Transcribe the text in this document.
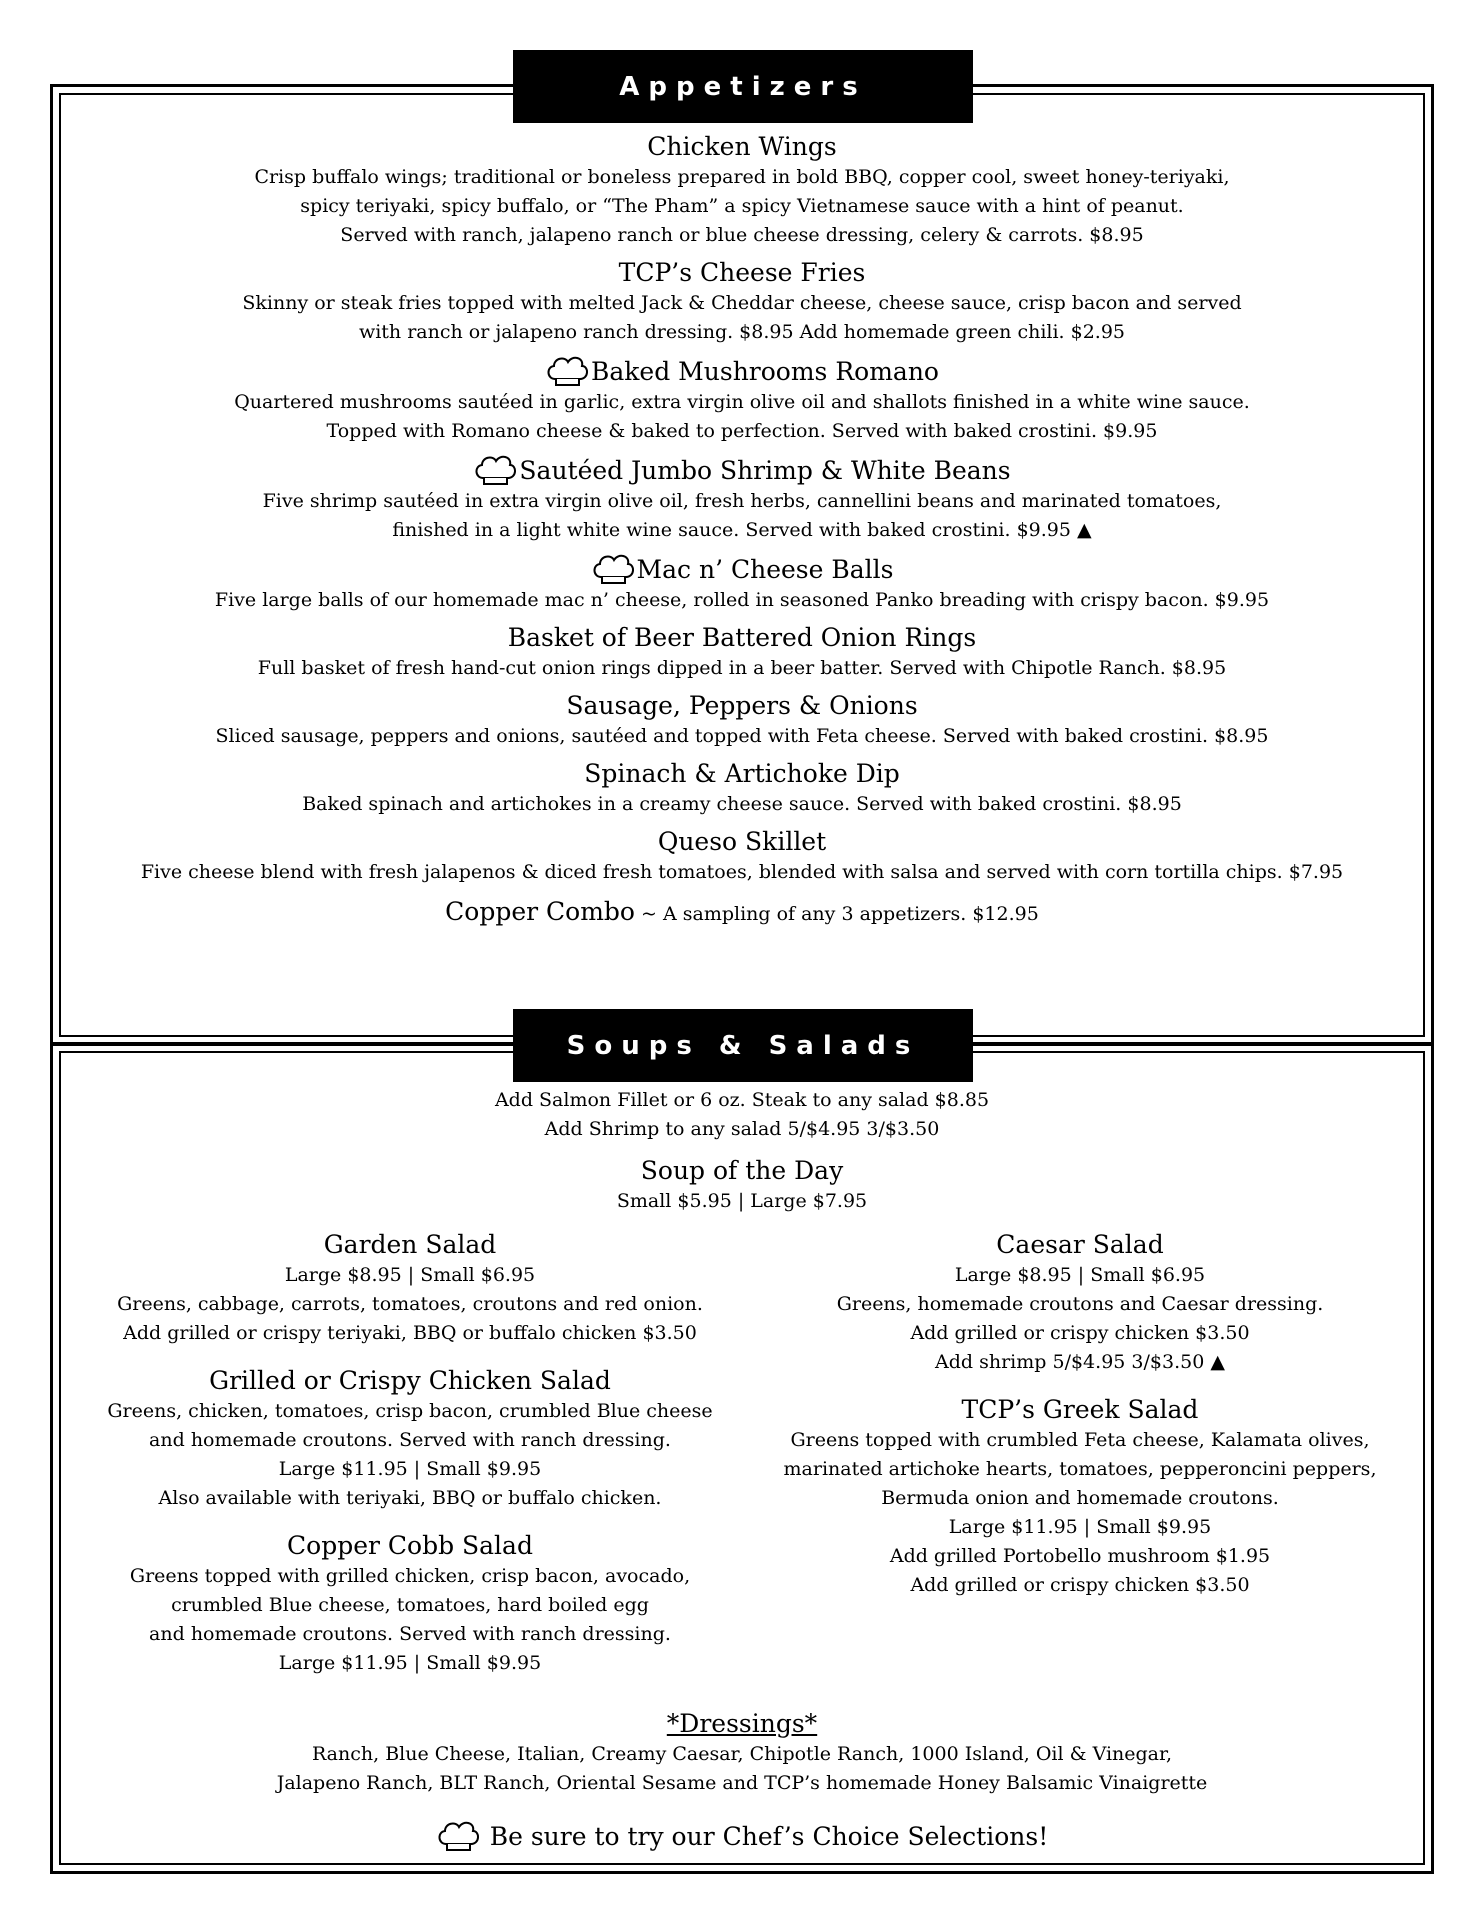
Appetizers
Soups & Salads
Chicken Wings
Crisp buffalo wings; traditional or boneless prepared in bold BBQ, copper cool, sweet honey-teriyaki,
spicy teriyaki, spicy buffalo, or “The Pham” a spicy Vietnamese sauce with a hint of peanut.
Served with ranch, jalapeno ranch or blue cheese dressing, celery & carrots. $8.95
TCP’s Cheese Fries
Skinny or steak fries topped with melted Jack & Cheddar cheese, cheese sauce, crisp bacon and served
with ranch or jalapeno ranch dressing. $8.95 Add homemade green chili. $2.95
Baked Mushrooms Romano
Quartered mushrooms sautéed in garlic, extra virgin olive oil and shallots finished in a white wine sauce.
Topped with Romano cheese & baked to perfection. Served with baked crostini. $9.95
Sautéed Jumbo Shrimp & White Beans
Five shrimp sautéed in extra virgin olive oil, fresh herbs, cannellini beans and marinated tomatoes,
finished in a light white wine sauce. Served with baked crostini. $9.95 ▲
Mac n’ Cheese Balls
Five large balls of our homemade mac n’ cheese, rolled in seasoned Panko breading with crispy bacon. $9.95
Basket of Beer Battered Onion Rings
Full basket of fresh hand-cut onion rings dipped in a beer batter. Served with Chipotle Ranch. $8.95
Sausage, Peppers & Onions
Sliced sausage, peppers and onions, sautéed and topped with Feta cheese. Served with baked crostini. $8.95
Spinach & Artichoke Dip
Baked spinach and artichokes in a creamy cheese sauce. Served with baked crostini. $8.95
Queso Skillet
Five cheese blend with fresh jalapenos & diced fresh tomatoes, blended with salsa and served with corn tortilla chips. $7.95
Copper Combo ~ A sampling of any 3 appetizers. $12.95
Add Salmon Fillet or 6 oz. Steak to any salad $8.85
Add Shrimp to any salad 5/$4.95 3/$3.50
Soup of the Day
Small $5.95 | Large $7.95
Garden Salad
Large $8.95 | Small $6.95
Greens, cabbage, carrots, tomatoes, croutons and red onion.
Add grilled or crispy teriyaki, BBQ or buffalo chicken $3.50
Grilled or Crispy Chicken Salad
Greens, chicken, tomatoes, crisp bacon, crumbled Blue cheese
and homemade croutons. Served with ranch dressing.
Large $11.95 | Small $9.95
Also available with teriyaki, BBQ or buffalo chicken.
Copper Cobb Salad
Greens topped with grilled chicken, crisp bacon, avocado,
crumbled Blue cheese, tomatoes, hard boiled egg
and homemade croutons. Served with ranch dressing.
Large $11.95 | Small $9.95
Caesar Salad
Large $8.95 | Small $6.95
Greens, homemade croutons and Caesar dressing.
Add grilled or crispy chicken $3.50
Add shrimp 5/$4.95 3/$3.50 ▲
TCP’s Greek Salad
Greens topped with crumbled Feta cheese, Kalamata olives,
marinated artichoke hearts, tomatoes, pepperoncini peppers,
Bermuda onion and homemade croutons.
Large $11.95 | Small $9.95
Add grilled Portobello mushroom $1.95
Add grilled or crispy chicken $3.50
*Dressings*
Ranch, Blue Cheese, Italian, Creamy Caesar, Chipotle Ranch, 1000 Island, Oil & Vinegar,
Jalapeno Ranch, BLT Ranch, Oriental Sesame and TCP’s homemade Honey Balsamic Vinaigrette
Be sure to try our Chef’s Choice Selections!
